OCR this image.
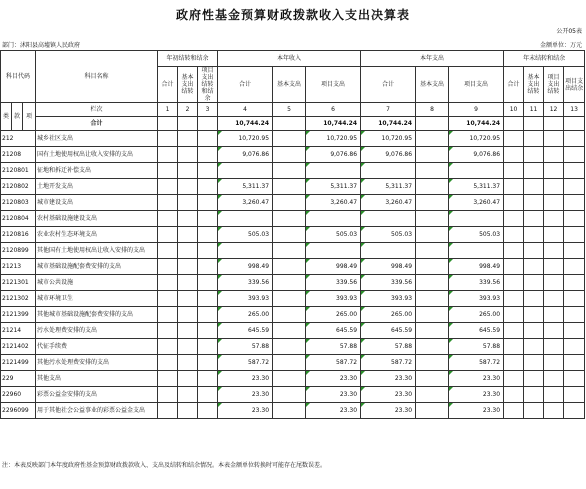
政府性基金预算财政拨款收入支出决算表
公开05表
部门：沭阳县高墟镇人民政府	金额单位：万元
科目代码			科目名称	年初结转和结余			本年收入			本年支出			年末结转和结余			
				合计	基本支出结转	项目支出结转和结余	合计	基本支出	项目支出	合计	基本支出	项目支出	合计	基本支出结转	项目支出结转	项目支出结余

类	款	项	栏次	1	2	3	4	5	6	7	8	9	10	11	12	13
			合计				10,744.24		10,744.24	10,744.24		10,744.24				
212			城乡社区支出				10,720.95		10,720.95	10,720.95		10,720.95				
21208			国有土地使用权出让收入安排的支出				9,076.86		9,076.86	9,076.86		9,076.86				
2120801			征地和拆迁补偿支出													
2120802			土地开发支出				5,311.37		5,311.37	5,311.37		5,311.37				
2120803			城市建设支出				3,260.47		3,260.47	3,260.47		3,260.47				
2120804			农村基础设施建设支出													
2120816			农业农村生态环境支出				505.03		505.03	505.03		505.03				
2120899			其他国有土地使用权出让收入安排的支出													
21213			城市基础设施配套费安排的支出				998.49		998.49	998.49		998.49				
2121301			城市公共设施				339.56		339.56	339.56		339.56				
2121302			城市环境卫生				393.93		393.93	393.93		393.93				
2121399			其他城市基础设施配套费安排的支出				265.00		265.00	265.00		265.00				
21214			污水处理费安排的支出				645.59		645.59	645.59		645.59				
2121402			代征手续费				57.88		57.88	57.88		57.88				
2121499			其他污水处理费安排的支出				587.72		587.72	587.72		587.72				
229			其他支出				23.30		23.30	23.30		23.30				
22960			彩票公益金安排的支出				23.30		23.30	23.30		23.30				
2296099			用于其他社会公益事业的彩票公益金支出				23.30		23.30	23.30		23.30				
注：本表反映部门本年度政府性基金预算财政拨款收入、支出及结转和结余情况。本表金额单位转换时可能存在尾数误差。
